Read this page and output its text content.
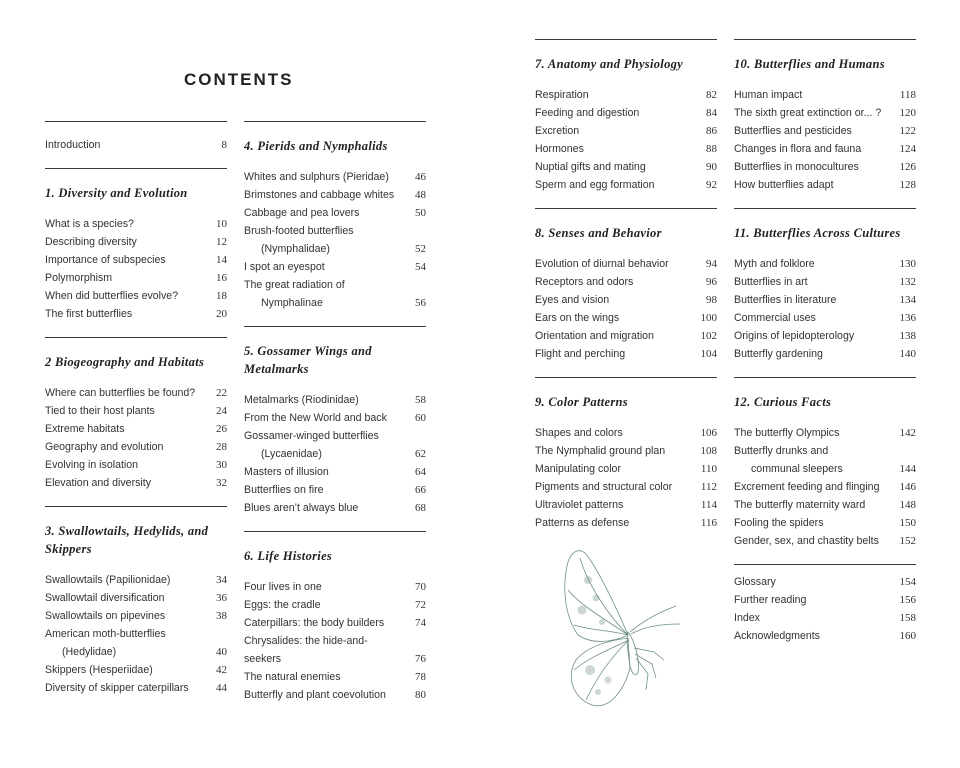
CONTENTS
Introduction	8
1. Diversity and Evolution
What is a species?	10
Describing diversity	12
Importance of subspecies	14
Polymorphism	16
When did butterflies evolve?	18
The first butterflies	20
2 Biogeography and Habitats
Where can butterflies be found?	22
Tied to their host plants	24
Extreme habitats	26
Geography and evolution	28
Evolving in isolation	30
Elevation and diversity	32
3. Swallowtails, Hedylids, and Skippers
Swallowtails (Papilionidae)	34
Swallowtail diversification	36
Swallowtails on pipevines	38
American moth-butterflies
(Hedylidae)	40
Skippers (Hesperiidae)	42
Diversity of skipper caterpillars	44
4. Pierids and Nymphalids
Whites and sulphurs (Pieridae)	46
Brimstones and cabbage whites	48
Cabbage and pea lovers	50
Brush-footed butterflies
(Nymphalidae)	52
I spot an eyespot	54
The great radiation of
Nymphalinae	56
5. Gossamer Wings and Metalmarks
Metalmarks (Riodinidae)	58
From the New World and back	60
Gossamer-winged butterflies
(Lycaenidae)	62
Masters of illusion	64
Butterflies on fire	66
Blues aren’t always blue	68
6. Life Histories
Four lives in one	70
Eggs: the cradle	72
Caterpillars: the body builders	74
Chrysalides: the hide-and-seekers	76
The natural enemies	78
Butterfly and plant coevolution	80
7. Anatomy and Physiology
Respiration	82
Feeding and digestion	84
Excretion	86
Hormones	88
Nuptial gifts and mating	90
Sperm and egg formation	92
8. Senses and Behavior
Evolution of diurnal behavior	94
Receptors and odors	96
Eyes and vision	98
Ears on the wings	100
Orientation and migration	102
Flight and perching	104
9. Color Patterns
Shapes and colors	106
The Nymphalid ground plan	108
Manipulating color	110
Pigments and structural color	112
Ultraviolet patterns	114
Patterns as defense	116
10. Butterflies and Humans
Human impact	118
The sixth great extinction or... ?	120
Butterflies and pesticides	122
Changes in flora and fauna	124
Butterflies in monocultures	126
How butterflies adapt	128
11. Butterflies Across Cultures
Myth and folklore	130
Butterflies in art	132
Butterflies in literature	134
Commercial uses	136
Origins of lepidopterology	138
Butterfly gardening	140
12. Curious Facts
The butterfly Olympics	142
Butterfly drunks and
communal sleepers	144
Excrement feeding and flinging	146
The butterfly maternity ward	148
Fooling the spiders	150
Gender, sex, and chastity belts	152
Glossary	154
Further reading	156
Index	158
Acknowledgments	160
